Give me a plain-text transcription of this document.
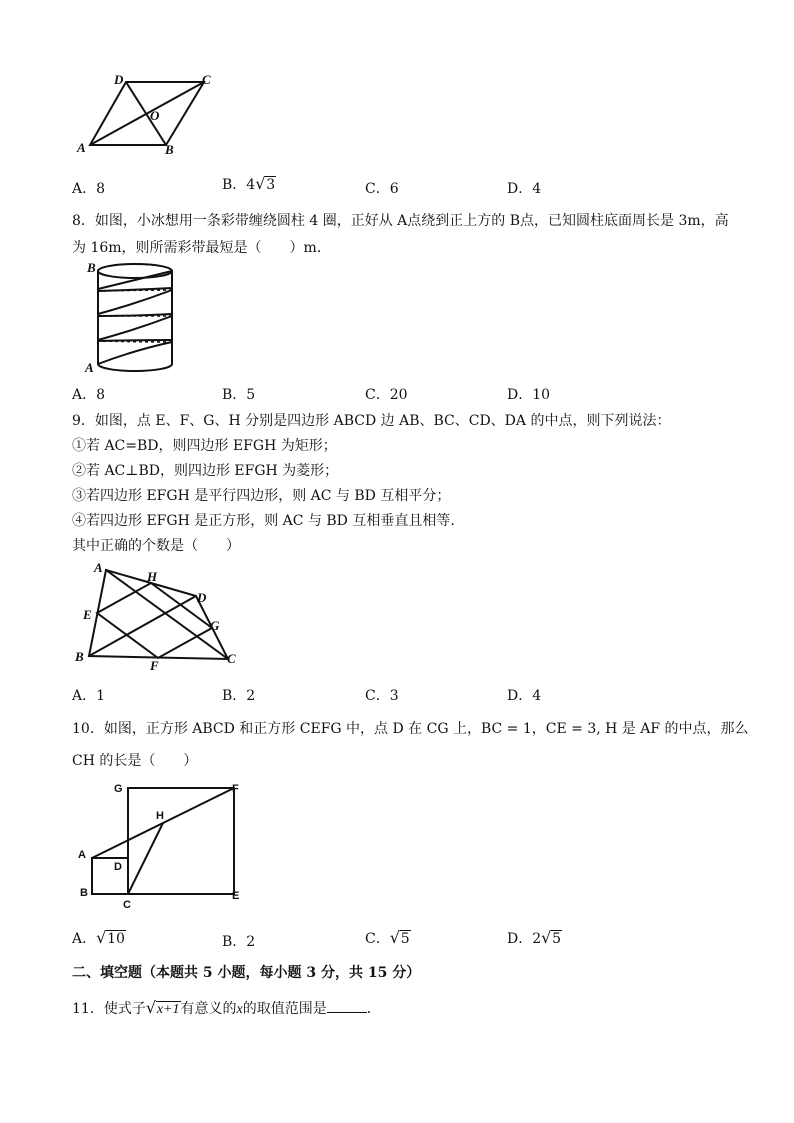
D	C
O
A	B
A．8	B．4 √ 3	C．6	D．4
8．如图，小冰想用一条彩带缠绕圆柱 4 圈，正好从 A点绕到正上方的 B点，已知圆柱底面周长是 3m，高
为 16m，则所需彩带最短是（　　）m．
B
A
A．8	B．5	C．20	D．10
9．如图，点 E、F、G、H 分别是四边形 ABCD 边 AB、BC、CD、DA 的中点，则下列说法：
①若 AC=BD，则四边形 EFGH 为矩形；
②若 AC⊥BD，则四边形 EFGH 为菱形；
③若四边形 EFGH 是平行四边形，则 AC 与 BD 互相平分；
④若四边形 EFGH 是正方形，则 AC 与 BD 互相垂直且相等．
其中正确的个数是（　　）
A
H
D
E
G
B
F	C
A．1	B．2	C．3	D．4
10．如图，正方形 ABCD 和正方形 CEFG 中，点 D 在 CG 上，BC = 1，CE = 3, H 是 AF 的中点，那么
CH 的长是（　　）
G	F
H
A
D
B
C
E
A． √ 10	B．2	C． √ 5	D．2 √ 5
二、填空题（本题共 5 小题，每小题 3 分，共 15 分）
11．使式子 √ x+1有意义的x的取值范围是	．
